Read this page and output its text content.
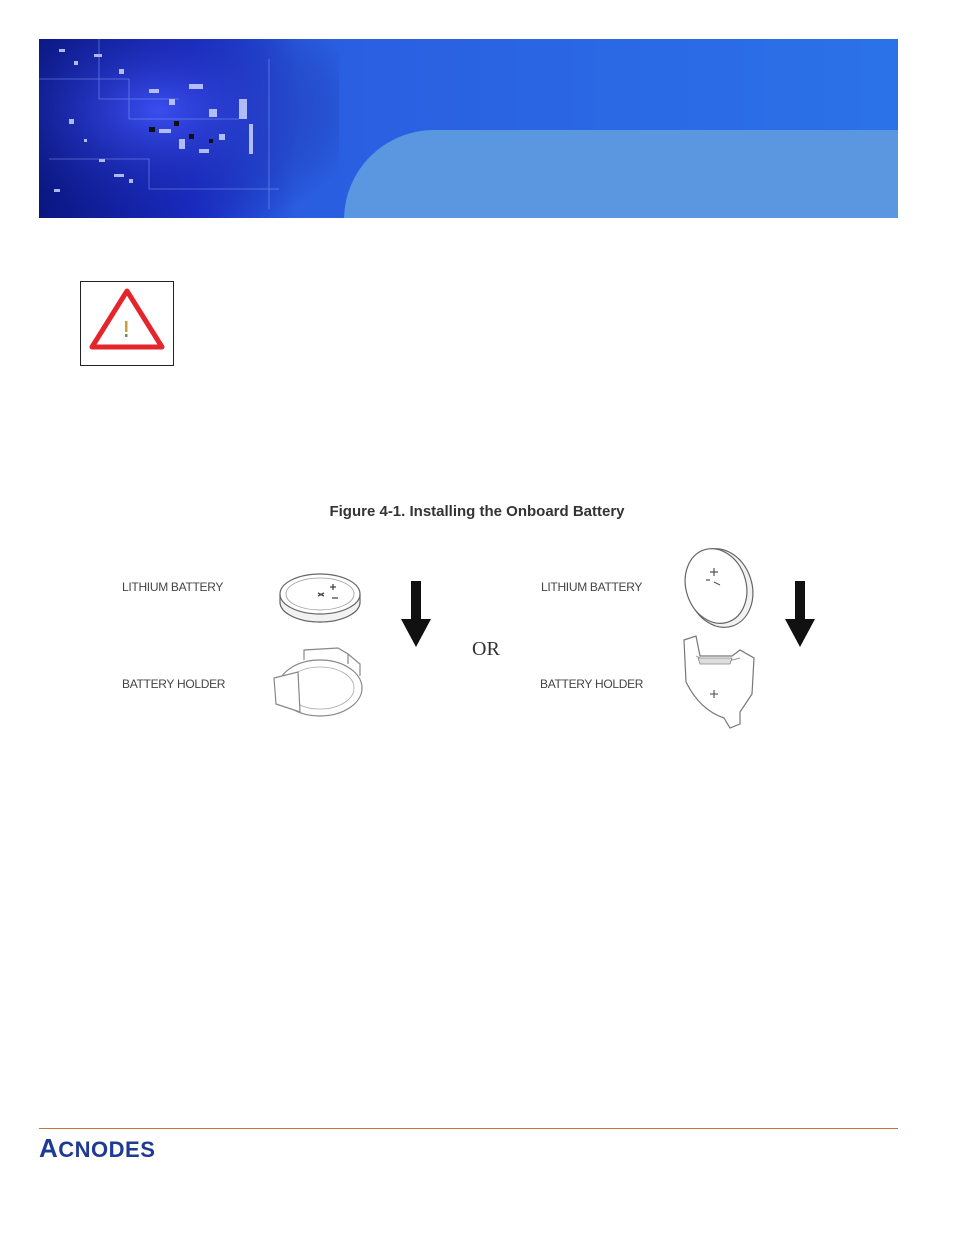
Figure 4-1. Installing the Onboard Battery
LITHIUM BATTERY
BATTERY HOLDER
OR
LITHIUM BATTERY
BATTERY HOLDER
ACNODES
